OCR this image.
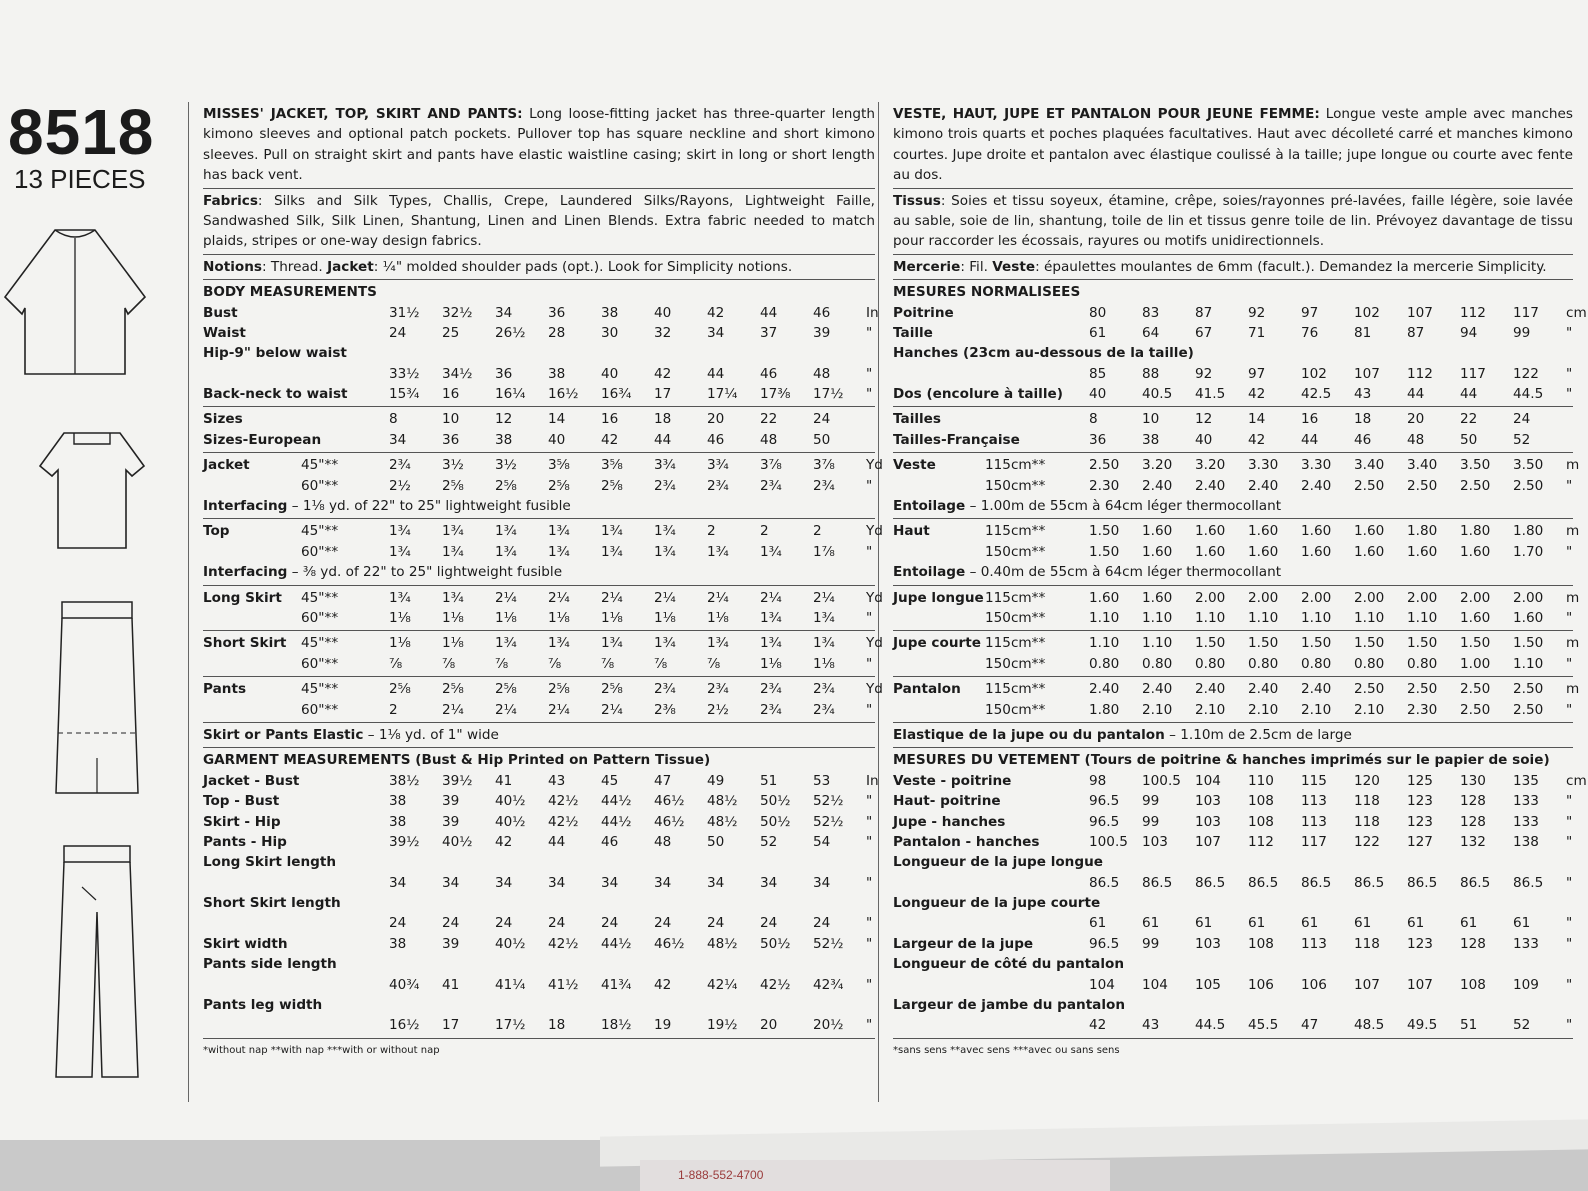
1-888-552-4700
8518
13 PIECES

MISSES' JACKET, TOP, SKIRT AND PANTS: Long loose-fitting jacket has three-quarter length kimono sleeves and optional patch pockets. Pullover top has square neckline and short kimono sleeves. Pull on straight skirt and pants have elastic waistline casing; skirt in long or short length has back vent.

Fabrics: Silks and Silk Types, Challis, Crepe, Laundered Silks/Rayons, Lightweight Faille, Sandwashed Silk, Silk Linen, Shantung, Linen and Linen Blends. Extra fabric needed to match plaids, stripes or one-way design fabrics.

Notions: Thread. Jacket: ¼" molded shoulder pads (opt.). Look for Simplicity notions.

BODY MEASUREMENTS
Bust	31½	32½	34	36	38	40	42	44	46	In
Waist	24	25	26½	28	30	32	34	37	39	"
Hip-9" below waist
33½	34½	36	38	40	42	44	46	48	"
Back-neck to waist	15¾	16	16¼	16½	16¾	17	17¼	17⅜	17½	"
Sizes	8	10	12	14	16	18	20	22	24
Sizes-European	34	36	38	40	42	44	46	48	50
Jacket	45"**	2¾	3½	3½	3⅝	3⅝	3¾	3¾	3⅞	3⅞	Yd
60"**	2½	2⅝	2⅝	2⅝	2⅝	2¾	2¾	2¾	2¾	"
Interfacing – 1⅛ yd. of 22" to 25" lightweight fusible
Top	45"**	1¾	1¾	1¾	1¾	1¾	1¾	2	2	2	Yd
60"**	1¾	1¾	1¾	1¾	1¾	1¾	1¾	1¾	1⅞	"
Interfacing – ⅜ yd. of 22" to 25" lightweight fusible
Long Skirt	45"**	1¾	1¾	2¼	2¼	2¼	2¼	2¼	2¼	2¼	Yd
60"**	1⅛	1⅛	1⅛	1⅛	1⅛	1⅛	1⅛	1¾	1¾	"
Short Skirt	45"**	1⅛	1⅛	1¾	1¾	1¾	1¾	1¾	1¾	1¾	Yd
60"**	⅞	⅞	⅞	⅞	⅞	⅞	⅞	1⅛	1⅛	"
Pants	45"**	2⅝	2⅝	2⅝	2⅝	2⅝	2¾	2¾	2¾	2¾	Yd
60"**	2	2¼	2¼	2¼	2¼	2⅜	2½	2¾	2¾	"
Skirt or Pants Elastic – 1⅛ yd. of 1" wide
GARMENT MEASUREMENTS (Bust & Hip Printed on Pattern Tissue)
Jacket - Bust	38½	39½	41	43	45	47	49	51	53	In
Top - Bust	38	39	40½	42½	44½	46½	48½	50½	52½	"
Skirt - Hip	38	39	40½	42½	44½	46½	48½	50½	52½	"
Pants - Hip	39½	40½	42	44	46	48	50	52	54	"
Long Skirt length
34	34	34	34	34	34	34	34	34	"
Short Skirt length
24	24	24	24	24	24	24	24	24	"
Skirt width	38	39	40½	42½	44½	46½	48½	50½	52½	"
Pants side length
40¾	41	41¼	41½	41¾	42	42¼	42½	42¾	"
Pants leg width
16½	17	17½	18	18½	19	19½	20	20½	"
*without nap **with nap ***with or without nap

VESTE, HAUT, JUPE ET PANTALON POUR JEUNE FEMME: Longue veste ample avec manches kimono trois quarts et poches plaquées facultatives. Haut avec décolleté carré et manches kimono courtes. Jupe droite et pantalon avec élastique coulissé à la taille; jupe longue ou courte avec fente au dos.

Tissus: Soies et tissu soyeux, étamine, crêpe, soies/rayonnes pré-lavées, faille légère, soie lavée au sable, soie de lin, shantung, toile de lin et tissus genre toile de lin. Prévoyez davantage de tissu pour raccorder les écossais, rayures ou motifs unidirectionnels.

Mercerie: Fil. Veste: épaulettes moulantes de 6mm (facult.). Demandez la mercerie Simplicity.

MESURES NORMALISEES
Poitrine	80	83	87	92	97	102	107	112	117	cm
Taille	61	64	67	71	76	81	87	94	99	"
Hanches (23cm au-dessous de la taille)
85	88	92	97	102	107	112	117	122	"
Dos (encolure à taille) 40	40.5	41.5	42	42.5	43	44	44	44.5	"
Tailles	8	10	12	14	16	18	20	22	24
Tailles-Française	36	38	40	42	44	46	48	50	52
Veste	115cm**	2.50	3.20	3.20	3.30	3.30	3.40	3.40	3.50	3.50	m
150cm**	2.30	2.40	2.40	2.40	2.40	2.50	2.50	2.50	2.50	"
Entoilage – 1.00m de 55cm à 64cm léger thermocollant
Haut	115cm**	1.50	1.60	1.60	1.60	1.60	1.60	1.80	1.80	1.80	m
150cm**	1.50	1.60	1.60	1.60	1.60	1.60	1.60	1.60	1.70	"
Entoilage – 0.40m de 55cm à 64cm léger thermocollant
Jupe longue 115cm**	1.60	1.60	2.00	2.00	2.00	2.00	2.00	2.00	2.00	m
150cm**	1.10	1.10	1.10	1.10	1.10	1.10	1.10	1.60	1.60	"
Jupe courte 115cm**	1.10	1.10	1.50	1.50	1.50	1.50	1.50	1.50	1.50	m
150cm**	0.80	0.80	0.80	0.80	0.80	0.80	0.80	1.00	1.10	"
Pantalon	115cm**	2.40	2.40	2.40	2.40	2.40	2.50	2.50	2.50	2.50	m
150cm**	1.80	2.10	2.10	2.10	2.10	2.10	2.30	2.50	2.50	"
Elastique de la jupe ou du pantalon – 1.10m de 2.5cm de large
MESURES DU VETEMENT (Tours de poitrine & hanches imprimés sur le papier de soie)
Veste - poitrine	98	100.5	104	110	115	120	125	130	135	cm
Haut- poitrine	96.5	99	103	108	113	118	123	128	133	"
Jupe - hanches	96.5	99	103	108	113	118	123	128	133	"
Pantalon - hanches	100.5	103	107	112	117	122	127	132	138	"
Longueur de la jupe longue
86.5	86.5	86.5	86.5	86.5	86.5	86.5	86.5	86.5	"
Longueur de la jupe courte
61	61	61	61	61	61	61	61	61	"
Largeur de la jupe	96.5	99	103	108	113	118	123	128	133	"
Longueur de côté du pantalon
104	104	105	106	106	107	107	108	109	"
Largeur de jambe du pantalon
42	43	44.5	45.5	47	48.5	49.5	51	52	"
*sans sens **avec sens ***avec ou sans sens
